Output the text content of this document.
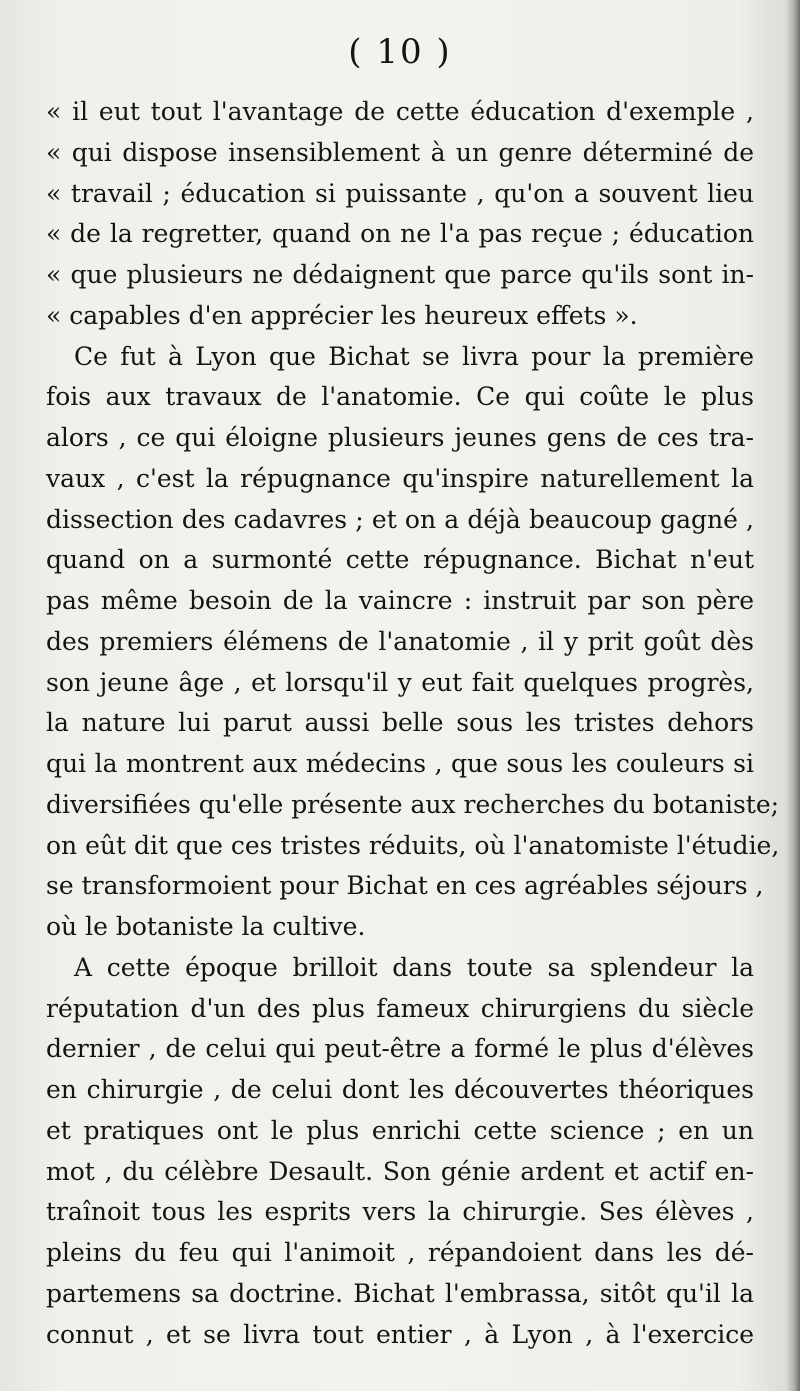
( 10 )
« il eut tout l'avantage de cette éducation d'exemple ,
« qui dispose insensiblement à un genre déterminé de
« travail ; éducation si puissante , qu'on a souvent lieu
« de la regretter, quand on ne l'a pas reçue ; éducation
« que plusieurs ne dédaignent que parce qu'ils sont in-
« capables d'en apprécier les heureux effets ».
Ce fut à Lyon que Bichat se livra pour la première
fois aux travaux de l'anatomie. Ce qui coûte le plus
alors , ce qui éloigne plusieurs jeunes gens de ces tra-
vaux , c'est la répugnance qu'inspire naturellement la
dissection des cadavres ; et on a déjà beaucoup gagné ,
quand on a surmonté cette répugnance. Bichat n'eut
pas même besoin de la vaincre : instruit par son père
des premiers élémens de l'anatomie , il y prit goût dès
son jeune âge , et lorsqu'il y eut fait quelques progrès,
la nature lui parut aussi belle sous les tristes dehors
qui la montrent aux médecins , que sous les couleurs si
diversifiées qu'elle présente aux recherches du botaniste;
on eût dit que ces tristes réduits, où l'anatomiste l'étudie,
se transformoient pour Bichat en ces agréables séjours ,
où le botaniste la cultive.
A cette époque brilloit dans toute sa splendeur la
réputation d'un des plus fameux chirurgiens du siècle
dernier , de celui qui peut-être a formé le plus d'élèves
en chirurgie , de celui dont les découvertes théoriques
et pratiques ont le plus enrichi cette science ; en un
mot , du célèbre Desault. Son génie ardent et actif en-
traînoit tous les esprits vers la chirurgie. Ses élèves ,
pleins du feu qui l'animoit , répandoient dans les dé-
partemens sa doctrine. Bichat l'embrassa, sitôt qu'il la
connut , et se livra tout entier , à Lyon , à l'exercice
